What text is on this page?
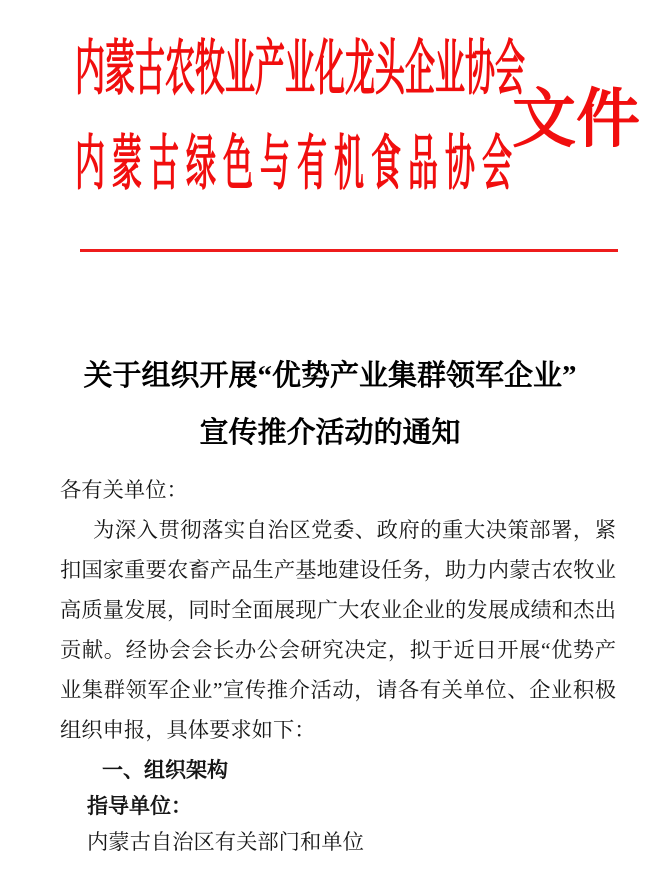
内蒙古农牧业产业化龙头企业协会
文件
内蒙古绿色与有机食品协会
关于组织开展“优势产业集群领军企业”
宣传推介活动的通知

各有关单位：

为深入贯彻落实自治区党委、政府的重大决策部署，紧扣国家重要农畜产品生产基地建设任务，助力内蒙古农牧业高质量发展，同时全面展现广大农业企业的发展成绩和杰出贡献。经协会会长办公会研究决定，拟于近日开展“优势产业集群领军企业”宣传推介活动，请各有关单位、企业积极组织申报，具体要求如下：

一、组织架构

指导单位：

内蒙古自治区有关部门和单位
